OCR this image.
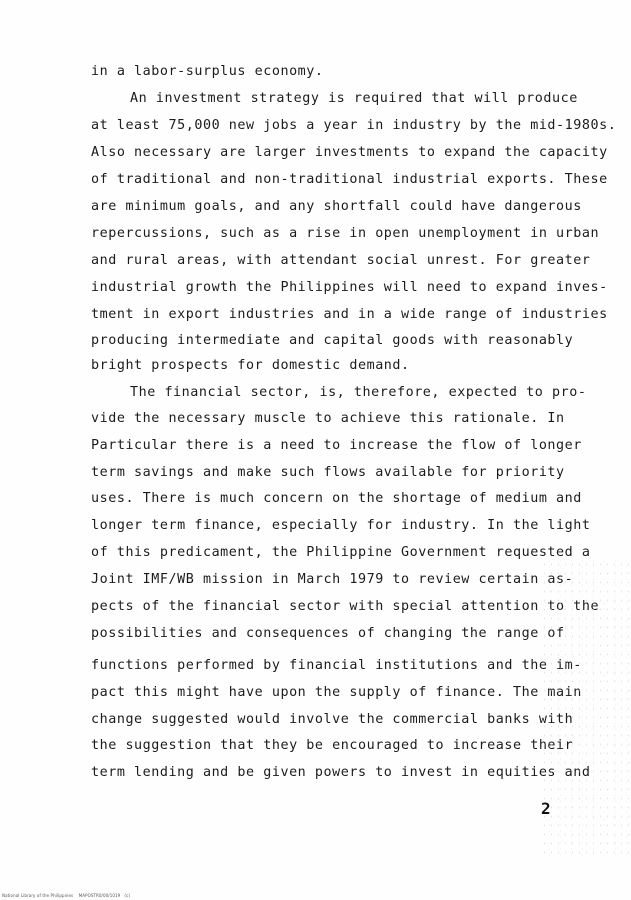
in a labor-surplus economy.
An investment strategy is required that will produce
at least 75,000 new jobs a year in industry by the mid-1980s.
Also necessary are larger investments to expand the capacity
of traditional and non-traditional industrial exports. These
are minimum goals, and any shortfall could have dangerous
repercussions, such as a rise in open unemployment in urban
and rural areas, with attendant social unrest. For greater
industrial growth the Philippines will need to expand inves-
tment in export industries and in a wide range of industries
producing intermediate and capital goods with reasonably
bright prospects for domestic demand.
The financial sector, is, therefore, expected to pro-
vide the necessary muscle to achieve this rationale. In
Particular there is a need to increase the flow of longer
term savings and make such flows available for priority
uses. There is much concern on the shortage of medium and
longer term finance, especially for industry. In the light
of this predicament, the Philippine Government requested a
Joint IMF/WB mission in March 1979 to review certain as-
pects of the financial sector with special attention to the
possibilities and consequences of changing the range of
functions performed by financial institutions and the im-
pact this might have upon the supply of finance. The main
change suggested would involve the commercial banks with
the suggestion that they be encouraged to increase their
term lending and be given powers to invest in equities and
2
National Library of the Philippines    MAPOSTR0/00/1019   (c)
